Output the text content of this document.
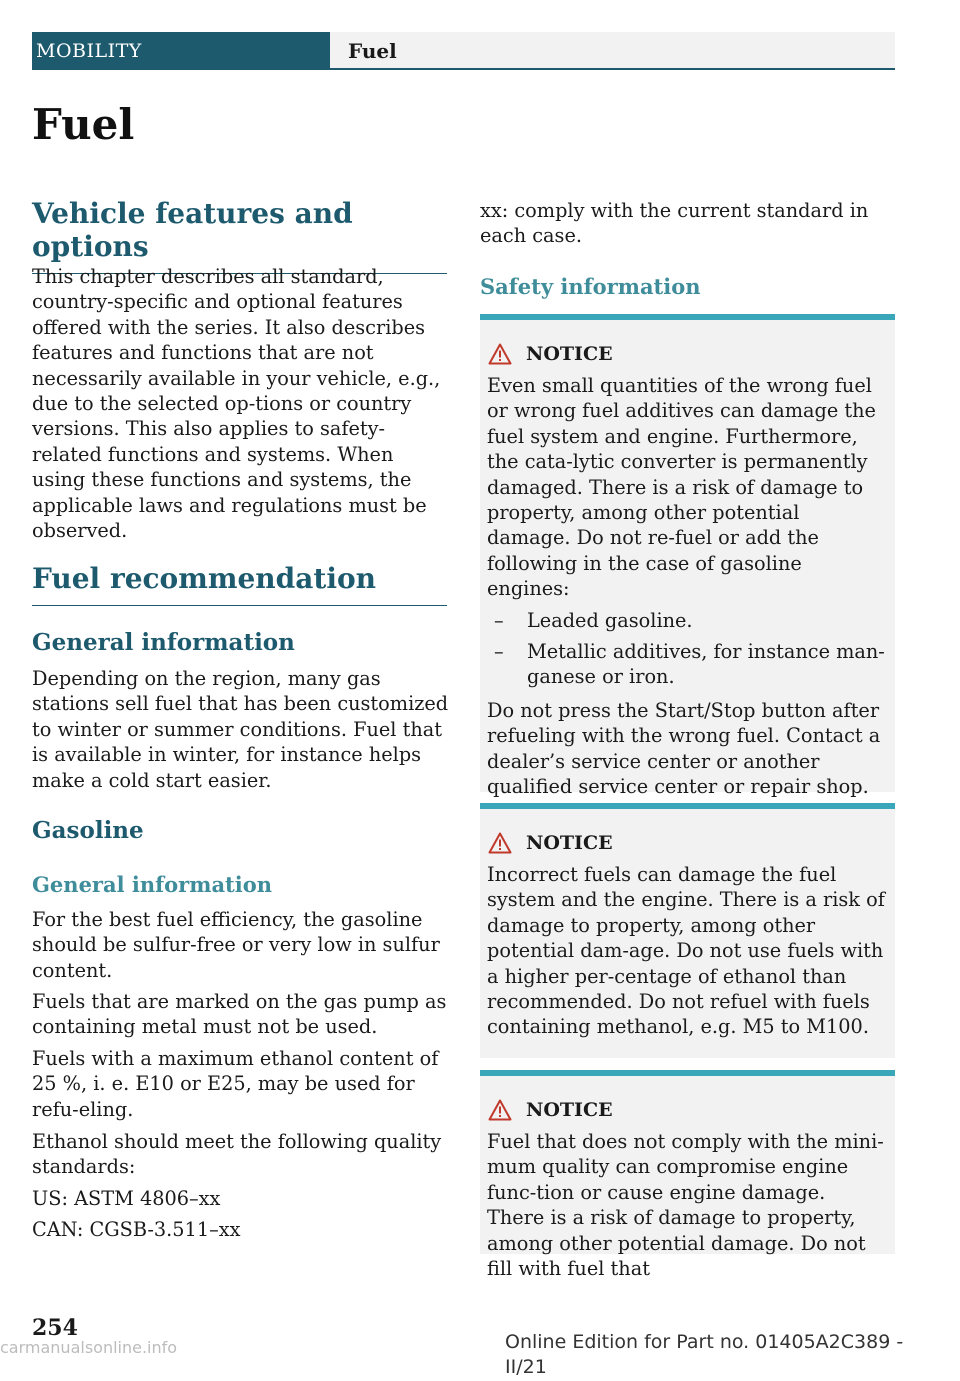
MOBILITY	Fuel
Fuel
Vehicle features and options

This chapter describes all standard, country-specific and optional features offered with the series. It also describes features and functions that are not necessarily available in your vehicle, e.g., due to the selected op-tions or country versions. This also applies to safety-related functions and systems. When using these functions and systems, the applicable laws and regulations must be observed.

Fuel recommendation
General information

Depending on the region, many gas stations sell fuel that has been customized to winter or summer conditions. Fuel that is available in winter, for instance helps make a cold start easier.

Gasoline
General information

For the best fuel efficiency, the gasoline should be sulfur-free or very low in sulfur content.

Fuels that are marked on the gas pump as containing metal must not be used.

Fuels with a maximum ethanol content of 25 %, i. e. E10 or E25, may be used for refu-eling.

Ethanol should meet the following quality standards:

US: ASTM 4806–xx

CAN: CGSB-3.511–xx

xx: comply with the current standard in each case.

Safety information
NOTICE

Even small quantities of the wrong fuel or wrong fuel additives can damage the fuel system and engine. Furthermore, the cata-lytic converter is permanently damaged. There is a risk of damage to property, among other potential damage. Do not re-fuel or add the following in the case of gasoline engines:

– Leaded gasoline.
– Metallic additives, for instance man-ganese or iron.

Do not press the Start/Stop button after refueling with the wrong fuel. Contact a dealer’s service center or another qualified service center or repair shop.

NOTICE

Incorrect fuels can damage the fuel system and the engine. There is a risk of damage to property, among other potential dam-age. Do not use fuels with a higher per-centage of ethanol than recommended. Do not refuel with fuels containing methanol, e.g. M5 to M100.

NOTICE

Fuel that does not comply with the mini-mum quality can compromise engine func-tion or cause engine damage. There is a risk of damage to property, among other potential damage. Do not fill with fuel that

254

Online Edition for Part no. 01405A2C389 - II/21

carmanualsonline.info
